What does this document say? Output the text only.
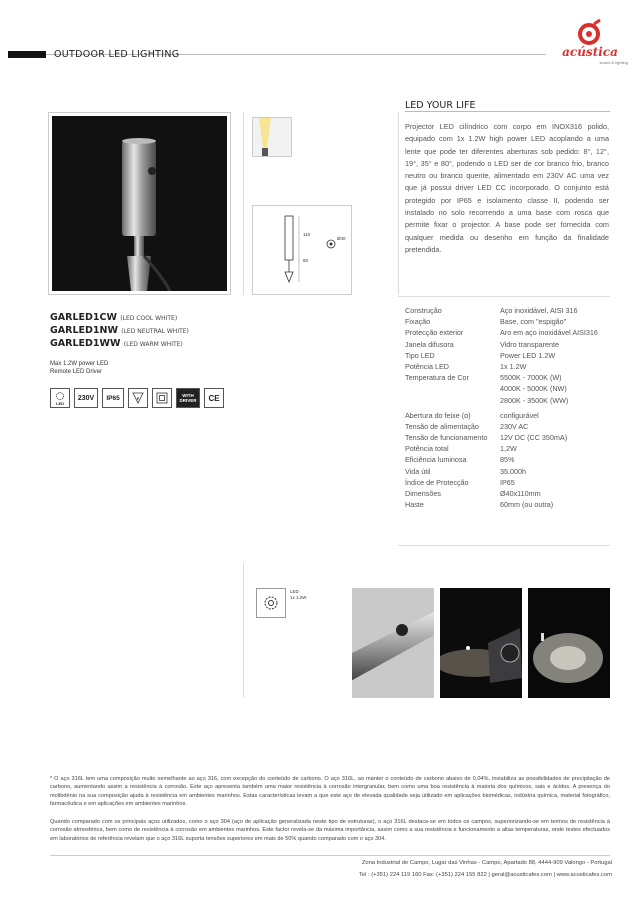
OUTDOOR LED LIGHTING	acústica
sound & lighting
110
60
Ø40
LED YOUR LIFE
Projector LED cilíndrico com corpo em INOX316 polido, equipado com 1x 1.2W high power LED acoplando a uma lente que pode ter diferentes aberturas sob pedido: 8°, 12°, 19°, 35° e 80°, podendo o LED ser de cor branco frio, branco neutro ou branco quente, alimentado em 230V AC uma vez que já possui driver LED CC incorporado. O conjunto está protegido por IP65 e isolamento classe II, podendo ser instalado no solo recorrendo a uma base com rosca que permite fixar o projector. A base pode ser fornecida com qualquer medida ou desenho em função da finalidade pretendida.
GARLED1CW (LED COOL WHITE)
GARLED1NW (LED NEUTRAL WHITE)
GARLED1WW (LED WARM WHITE)
Max 1.2W power LED
Remote LED Driver
LED
230V	IP65	F	WITH DRIVER	CE
Construção	Aço inoxidável, AISI 316
Fixação	Base, com "espigão"
Protecção exterior	Aro em aço inoxidável AISI316
Janela difusora	Vidro transparente
Tipo LED	Power LED 1.2W
Potência LED	1x 1.2W
Temperatura de Cor	5500K - 7000K (W)
4000K - 5000K (NW)
2800K - 3500K (WW)
Abertura do feixe (α)	configurável
Tensão de alimentação	230V AC
Tensão de funcionamento	12V DC (CC 350mA)
Potência total	1,2W
Eficiência luminosa	85%
Vida útil	35.000h
Índice de Protecção	IP65
Dimensões	Ø40x110mm
Haste	60mm (ou outra)
LED
1x 1.2W
* O aço 316L tem uma composição muito semelhante ao aço 316, com excepção do conteúdo de carbono. O aço 316L, ao manter o conteúdo de carbono abaixo de 0,04%, inviabiliza as possibilidades de precipitação de carbono, aumentando assim a resistência à corrosão. Este aço apresenta também uma maior resistência à corrosão intergranular, bem como uma boa resistência à maioria dos químicos, sais e ácidos. A presença do molibdénio na sua composição ajuda à resistência em ambientes marinhos. Estas características levam a que este aço de elevada qualidade seja utilizado em aplicações biomédicas, indústria química, material fotográfico, farmacêutica e em aplicações em ambientes marinhos.
Quando comparado com os principais aços utilizados, como o aço 304 (aço de aplicação generalizada neste tipo de estruturas), o aço 316L destaca-se em todos os campos, superiorizando-se em termos de resistência à corrosão atmosférica, bem como de resistência à corrosão em ambientes marinhos. Este factor revela-se da máxima importância, assim como a sua resistência e funcionamento a altas temperaturas, onde testes efectuados em laboratórios de referência revelam que o aço 316L suporta tensões superiores em mais de 50% quando comparado com o aço 304.
Zona Industrial de Campo, Lugar das Vinhas - Campo, Apartado 88, 4444-909 Valongo - Portugal
Tel : (+351) 224 119 160 Fax: (+351) 224 155 822 | geral@acusticafes.com | www.acusticafes.com
